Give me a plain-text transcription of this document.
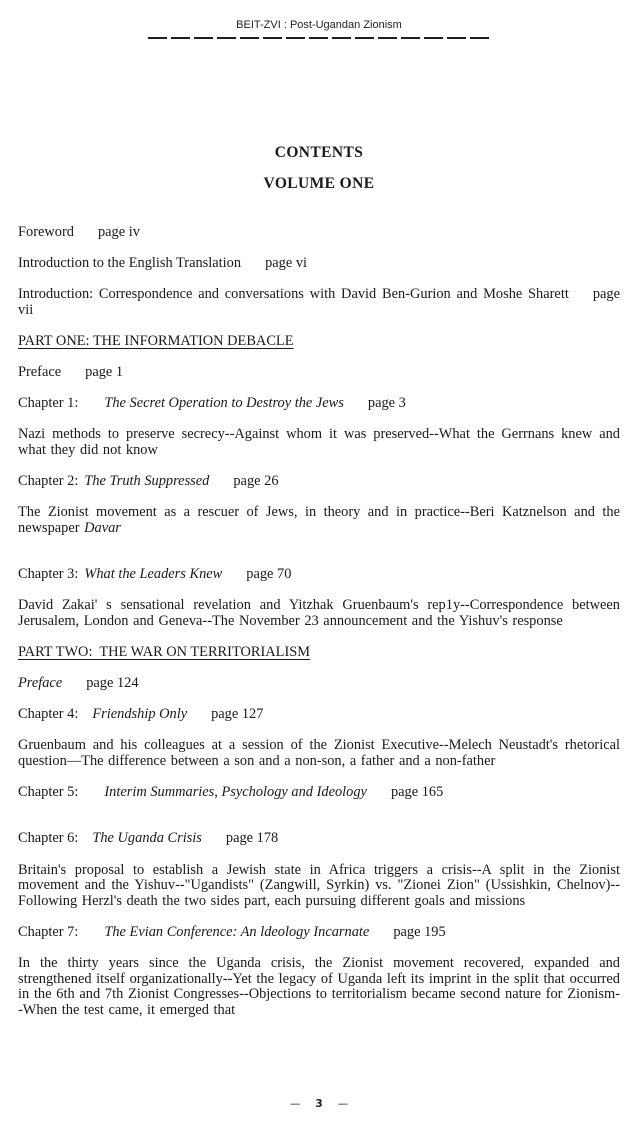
BEIT-ZVI : Post-Ugandan Zionism
CONTENTS
VOLUME ONE

Foreword page iv

Introduction to the English Translation page vi

Introduction: Correspondence and conversations with David Ben-Gurion and Moshe Sharett page vii

PART ONE: THE INFORMATION DEBACLE

Preface page 1

Chapter 1: The Secret Operation to Destroy the Jews page 3

Nazi methods to preserve secrecy--Against whom it was preserved--What the Gerrnans knew and what they did not know

Chapter 2: The Truth Suppressed page 26

The Zionist movement as a rescuer of Jews, in theory and in practice--Beri Katznelson and the newspaper Davar

Chapter 3: What the Leaders Knew page 70

David Zakai' s sensational revelation and Yitzhak Gruenbaum's rep1y--Correspondence between Jerusalem, London and Geneva--The November 23 announcement and the Yishuv's response

PART TWO:  THE WAR ON TERRITORIALISM

Preface page 124

Chapter 4: Friendship Only page 127

Gruenbaum and his colleagues at a session of the Zionist Executive--Melech Neustadt's rhetorical question—The difference between a son and a non-son, a father and a non-father

Chapter 5: Interim Summaries, Psychology and Ideology page 165

Chapter 6: The Uganda Crisis page 178

Britain's proposal to establish a Jewish state in Africa triggers a crisis--A split in the Zionist movement and the Yishuv--"Ugandists" (Zangwill, Syrkin) vs. "Zionei Zion" (Ussishkin, Chelnov)--Following Herzl's death the two sides part, each pursuing different goals and missions

Chapter 7: The Evian Conference: An ldeology Incarnate page 195

In the thirty years since the Uganda crisis, the Zionist movement recovered, expanded and strengthened itself organizationally--Yet the legacy of Uganda left its imprint in the split that occurred in the 6th and 7th Zionist Congresses--Objections to territorialism became second nature for Zionism--When the test came, it emerged that

— 3 —
